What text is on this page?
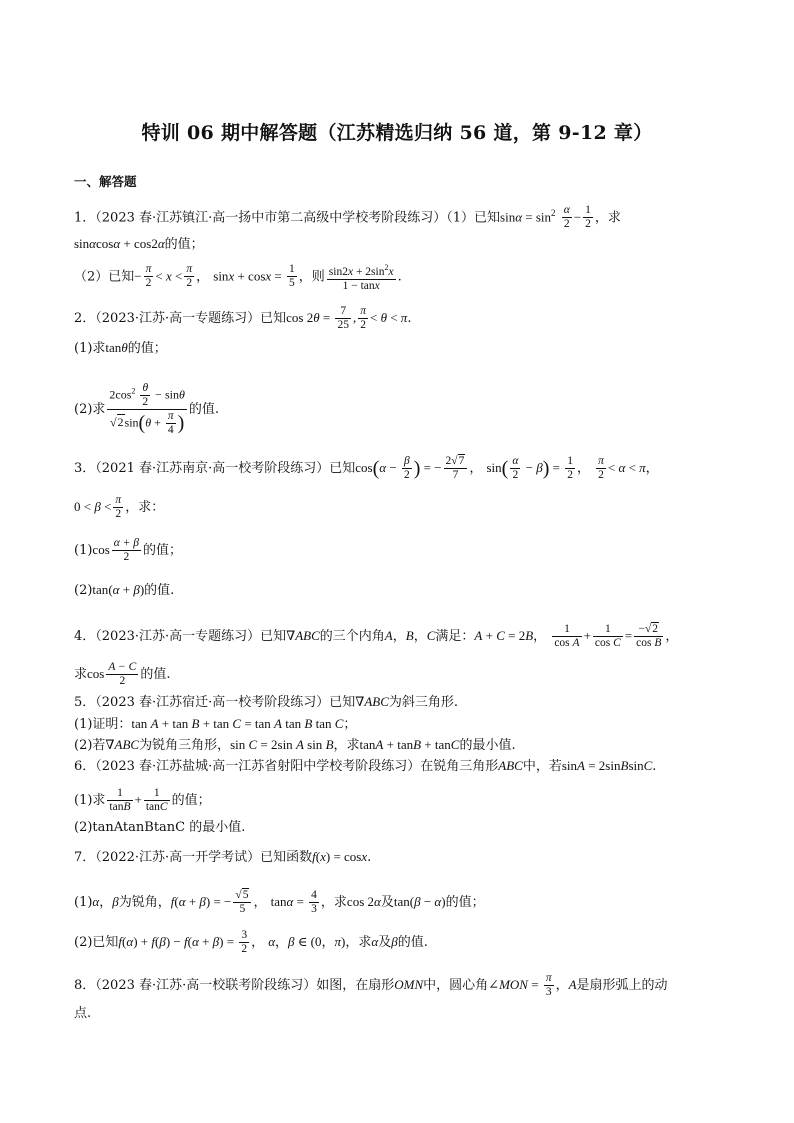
特训 06 期中解答题（江苏精选归纳 56 道，第 9-12 章）
一、解答题
1．（2023 春·江苏镇江·高一扬中市第二高级中学校考阶段练习）（1）已知$\sin\alpha = \sin^2 \frac{\alpha}{2} - \frac{1}{2}$ ，求
sinαcosα + cos2α的值；
（2）已知− $\frac{\pi}{2} < x < \frac{\pi}{2}$ ， $\sin x + \cos x = \frac{1}{5}$ ，则 $\frac{\sin 2x + 2\sin^2x}{1 - \tan x}$ .
2．（2023·江苏·高一专题练习）已知$\cos 2\theta = \frac{7}{25}$ , $\frac{\pi}{2} < \theta < \pi$.
(1)求tanθ的值；
(2)求 $\frac{2\cos^2 \frac{\theta}{2} - \sin\theta}{√2\sin(\theta + \frac{\pi}{4} )}$ 的值.
3．（2021 春·江苏南京·高一校考阶段练习）已知$\cos(\alpha - \frac{\beta}{2}$ ) = − $\frac{2√7}{7}$ ， $\sin( \frac{\alpha}{2} - \beta) = \frac{1}{2}$ ， $\frac{\pi}{2} < \alpha < \pi$，
$0 < \beta < \frac{\pi}{2}$ ，求：
$(1)\cos \frac{\alpha + \beta}{2}$ 的值；
(2)tan(α + β)的值.
4．（2023·江苏·高一专题练习）已知∇ABC的三个内角A，B，C满足：A + C = 2B， $\frac{1}{\text{cos A}} + \frac{1}{\text{cos C}} = \frac{-√2}{\text{cos B}}$ ，
求$\cos \frac{A - C}{2}$ 的值.
5．（2023 春·江苏宿迁·高一校考阶段练习）已知∇ABC为斜三角形.
(1)证明：tan A + tan B + tan C = tan A tan B tan C；
(2)若∇ABC为锐角三角形，sin C = 2sin A sin B，求tanA + tanB + tanC的最小值.
6．（2023 春·江苏盐城·高一江苏省射阳中学校考阶段练习）在锐角三角形ABC中，若sinA = 2sinBsinC.
(1)求 $\frac{1}{\tan B} + \frac{1}{\tan C}$ 的值；
(2)tanAtanBtanC 的最小值.
7．（2022·江苏·高一开学考试）已知函数f(x) = cosx.
(1)α，β为锐角，f(α + β) = − $\frac{√5}{5}$ ， $\tan\alpha = \frac{4}{3}$ ，求cos 2α及tan(β − α)的值；
(2)已知$f(\alpha) + f(\beta) - f(\alpha + \beta) = \frac{3}{2}$ ， α，β ∈ (0，π)，求α及β的值.
8．（2023 春·江苏·高一校联考阶段练习）如图，在扇形OMN中，圆心角∠MON = $\frac{\pi}{3}$ ，A是扇形弧上的动
点.
